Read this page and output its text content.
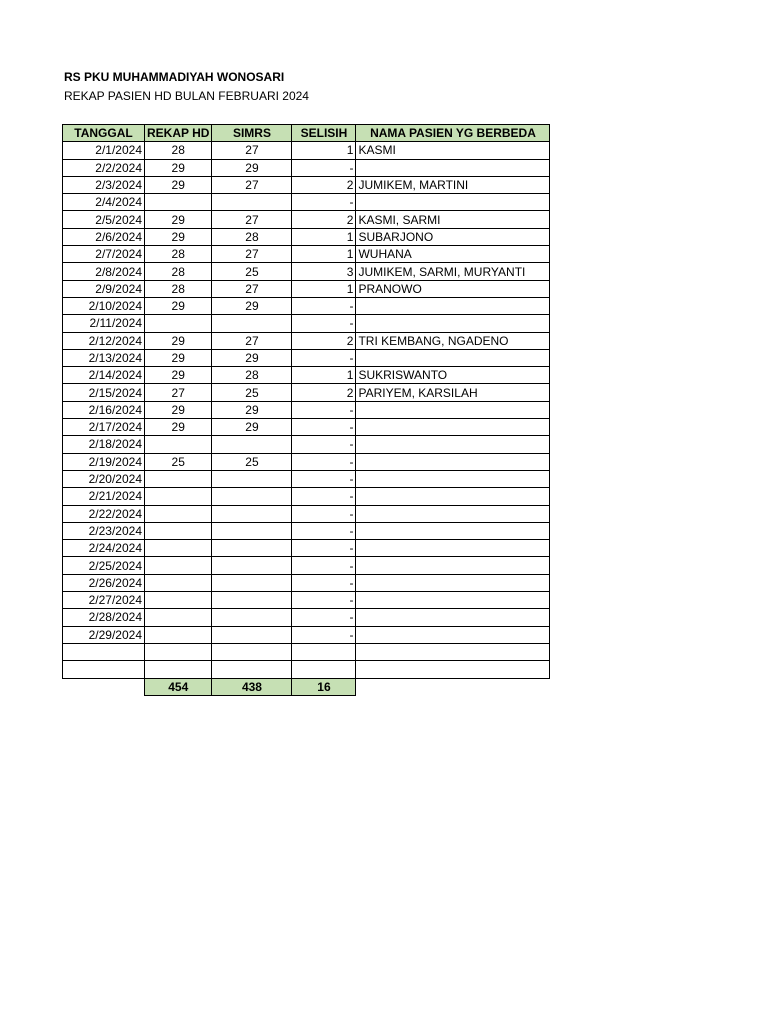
RS PKU MUHAMMADIYAH WONOSARI
REKAP PASIEN HD BULAN FEBRUARI 2024
TANGGAL	REKAP HD	SIMRS	SELISIH	NAMA PASIEN YG BERBEDA
2/1/2024	28	27	1	KASMI
2/2/2024	29	29	-	
2/3/2024	29	27	2	JUMIKEM, MARTINI
2/4/2024			-	
2/5/2024	29	27	2	KASMI, SARMI
2/6/2024	29	28	1	SUBARJONO
2/7/2024	28	27	1	WUHANA
2/8/2024	28	25	3	JUMIKEM, SARMI, MURYANTI
2/9/2024	28	27	1	PRANOWO
2/10/2024	29	29	-	
2/11/2024			-	
2/12/2024	29	27	2	TRI KEMBANG, NGADENO
2/13/2024	29	29	-	
2/14/2024	29	28	1	SUKRISWANTO
2/15/2024	27	25	2	PARIYEM, KARSILAH
2/16/2024	29	29	-	
2/17/2024	29	29	-	
2/18/2024			-	
2/19/2024	25	25	-	
2/20/2024			-	
2/21/2024			-	
2/22/2024			-	
2/23/2024			-	
2/24/2024			-	
2/25/2024			-	
2/26/2024			-	
2/27/2024			-	
2/28/2024			-	
2/29/2024			-	

	454	438	16	
